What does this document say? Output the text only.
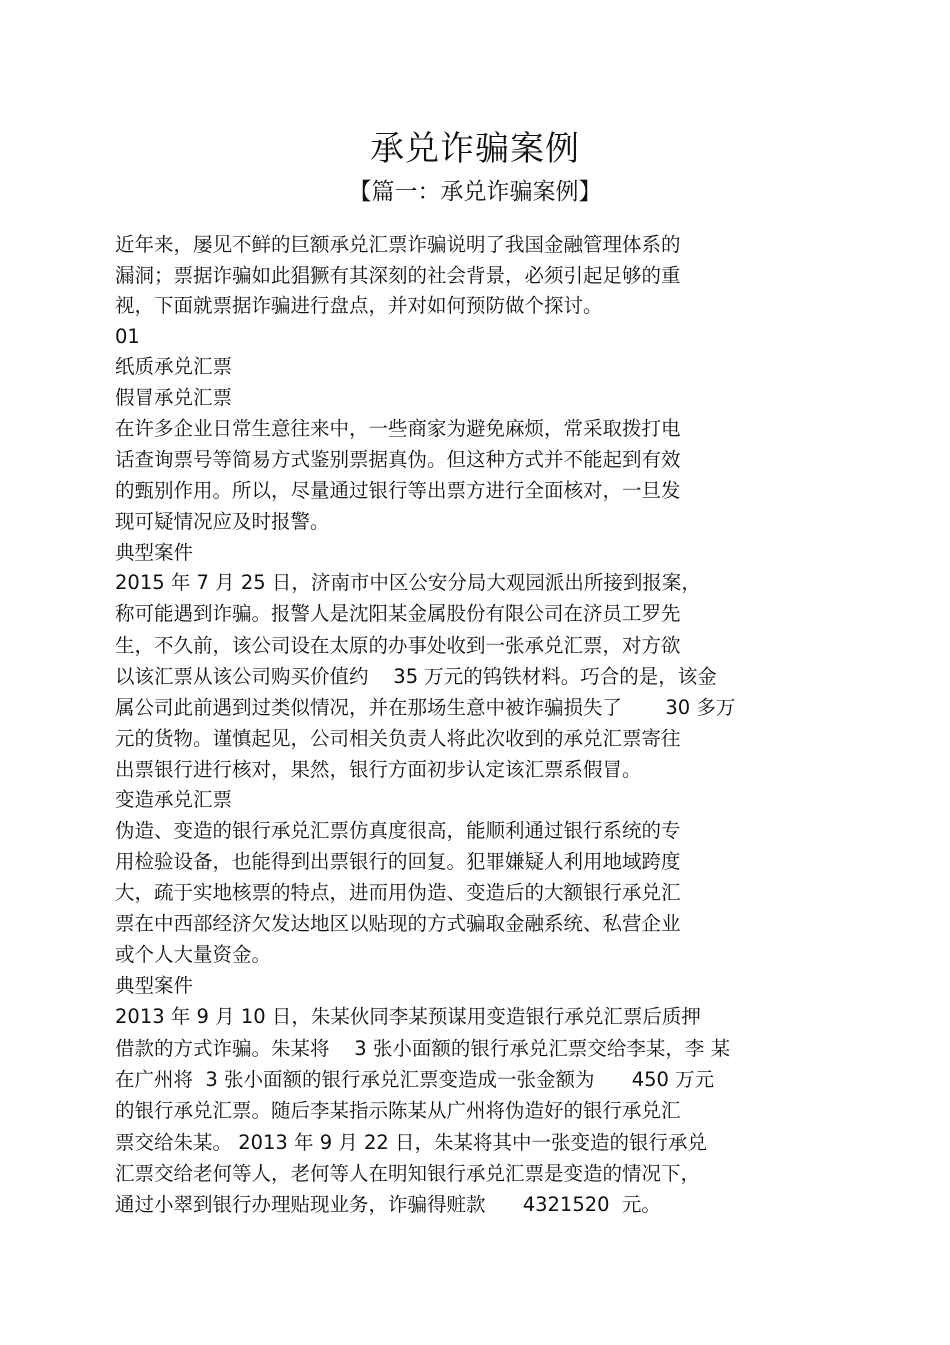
承兑诈骗案例
【篇一：承兑诈骗案例】

近年来，屡见不鲜的巨额承兑汇票诈骗说明了我国金融管理体系的

漏洞；票据诈骗如此猖獗有其深刻的社会背景，必须引起足够的重

视，下面就票据诈骗进行盘点，并对如何预防做个探讨。

01

纸质承兑汇票

假冒承兑汇票

在许多企业日常生意往来中，一些商家为避免麻烦，常采取拨打电

话查询票号等简易方式鉴别票据真伪。但这种方式并不能起到有效

的甄别作用。所以，尽量通过银行等出票方进行全面核对，一旦发

现可疑情况应及时报警。

典型案件

2015 年 7 月 25 日，济南市中区公安分局大观园派出所接到报案，

称可能遇到诈骗。报警人是沈阳某金属股份有限公司在济员工罗先

生，不久前，该公司设在太原的办事处收到一张承兑汇票，对方欲

以该汇票从该公司购买价值约    35 万元的钨铁材料。巧合的是，该金

属公司此前遇到过类似情况，并在那场生意中被诈骗损失了       30 多万

元的货物。谨慎起见，公司相关负责人将此次收到的承兑汇票寄往

出票银行进行核对，果然，银行方面初步认定该汇票系假冒。

变造承兑汇票

伪造、变造的银行承兑汇票仿真度很高，能顺利通过银行系统的专

用检验设备，也能得到出票银行的回复。犯罪嫌疑人利用地域跨度

大，疏于实地核票的特点，进而用伪造、变造后的大额银行承兑汇

票在中西部经济欠发达地区以贴现的方式骗取金融系统、私营企业

或个人大量资金。

典型案件

2013 年 9 月 10 日，朱某伙同李某预谋用变造银行承兑汇票后质押

借款的方式诈骗。朱某将    3 张小面额的银行承兑汇票交给李某，李 某

在广州将  3 张小面额的银行承兑汇票变造成一张金额为      450 万元

的银行承兑汇票。随后李某指示陈某从广州将伪造好的银行承兑汇

票交给朱某。 2013 年 9 月 22 日，朱某将其中一张变造的银行承兑

汇票交给老何等人，老何等人在明知银行承兑汇票是变造的情况下，

通过小翠到银行办理贴现业务，诈骗得赃款      4321520  元。
